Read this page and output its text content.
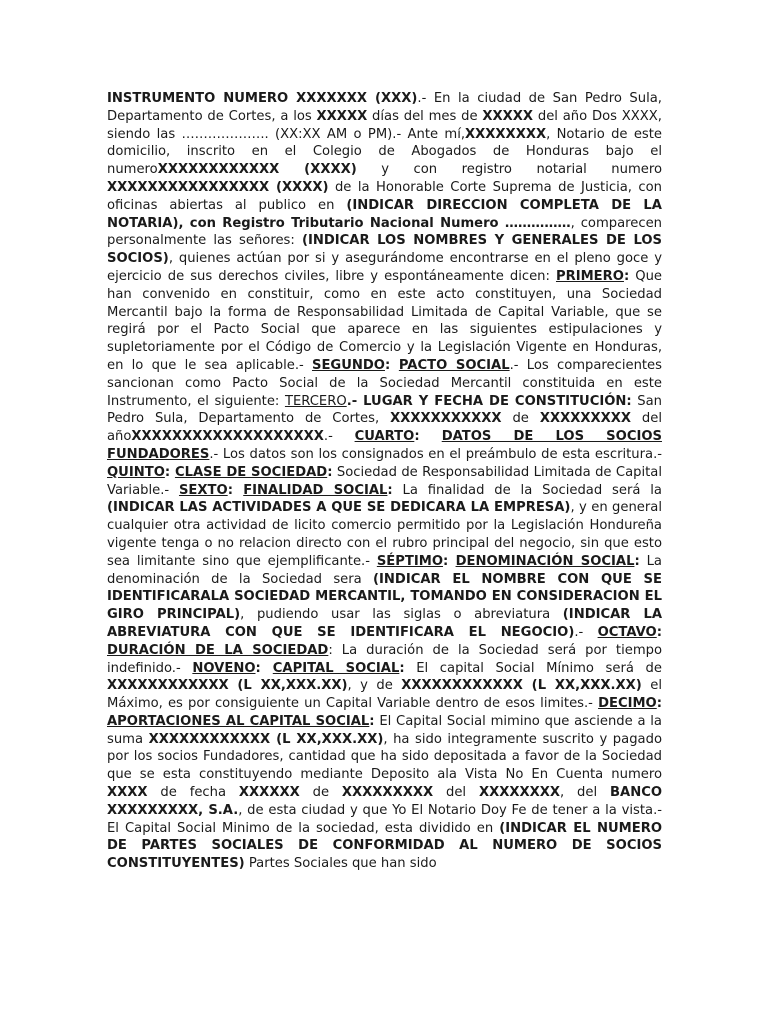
INSTRUMENTO NUMERO XXXXXXX (XXX).- En la ciudad de San Pedro Sula, Departamento de Cortes, a los XXXXX días del mes de XXXXX del año Dos XXXX, siendo las ……………….. (XX:XX AM o PM).- Ante mí,XXXXXXXX, Notario de este domicilio, inscrito en el Colegio de Abogados de Honduras bajo el numeroXXXXXXXXXXXX (XXXX) y con registro notarial numero XXXXXXXXXXXXXXXX (XXXX) de la Honorable Corte Suprema de Justicia, con oficinas abiertas al publico en (INDICAR DIRECCION COMPLETA DE LA NOTARIA), con Registro Tributario Nacional Numero ……………, comparecen personalmente las señores: (INDICAR LOS NOMBRES Y GENERALES DE LOS SOCIOS), quienes actúan por si y asegurándome encontrarse en el pleno goce y ejercicio de sus derechos civiles, libre y espontáneamente dicen: PRIMERO: Que han convenido en constituir, como en este acto constituyen, una Sociedad Mercantil bajo la forma de Responsabilidad Limitada de Capital Variable, que se regirá por el Pacto Social que aparece en las siguientes estipulaciones y supletoriamente por el Código de Comercio y la Legislación Vigente en Honduras, en lo que le sea aplicable.- SEGUNDO: PACTO SOCIAL.- Los comparecientes sancionan como Pacto Social de la Sociedad Mercantil constituida en este Instrumento, el siguiente: TERCERO.- LUGAR Y FECHA DE CONSTITUCIÓN: San Pedro Sula, Departamento de Cortes, XXXXXXXXXXX de XXXXXXXXX del añoXXXXXXXXXXXXXXXXXXX.- CUARTO: DATOS DE LOS SOCIOS FUNDADORES.- Los datos son los consignados en el preámbulo de esta escritura.- QUINTO: CLASE DE SOCIEDAD: Sociedad de Responsabilidad Limitada de Capital Variable.- SEXTO: FINALIDAD SOCIAL: La finalidad de la Sociedad será la (INDICAR LAS ACTIVIDADES A QUE SE DEDICARA LA EMPRESA), y en general cualquier otra actividad de licito comercio permitido por la Legislación Hondureña vigente tenga o no relacion directo con el rubro principal del negocio, sin que esto sea limitante sino que ejemplificante.- SÉPTIMO: DENOMINACIÓN SOCIAL: La denominación de la Sociedad sera (INDICAR EL NOMBRE CON QUE SE IDENTIFICARALA SOCIEDAD MERCANTIL, TOMANDO EN CONSIDERACION EL GIRO PRINCIPAL), pudiendo usar las siglas o abreviatura (INDICAR LA ABREVIATURA CON QUE SE IDENTIFICARA EL NEGOCIO).- OCTAVO: DURACIÓN DE LA SOCIEDAD: La duración de la Sociedad será por tiempo indefinido.- NOVENO: CAPITAL SOCIAL: El capital Social Mínimo será de XXXXXXXXXXXX (L XX,XXX.XX), y de XXXXXXXXXXXX (L XX,XXX.XX) el Máximo, es por consiguiente un Capital Variable dentro de esos limites.- DECIMO: APORTACIONES AL CAPITAL SOCIAL: El Capital Social mimino que asciende a la suma XXXXXXXXXXXX (L XX,XXX.XX), ha sido integramente suscrito y pagado por los socios Fundadores, cantidad que ha sido depositada a favor de la Sociedad que se esta constituyendo mediante Deposito ala Vista No En Cuenta numero XXXX de fecha XXXXXX de XXXXXXXXX del XXXXXXXX, del BANCO XXXXXXXXX, S.A., de esta ciudad y que Yo El Notario Doy Fe de tener a la vista.- El Capital Social Minimo de la sociedad, esta dividido en (INDICAR EL NUMERO DE PARTES SOCIALES DE CONFORMIDAD AL NUMERO DE SOCIOS CONSTITUYENTES) Partes Sociales que han sido
